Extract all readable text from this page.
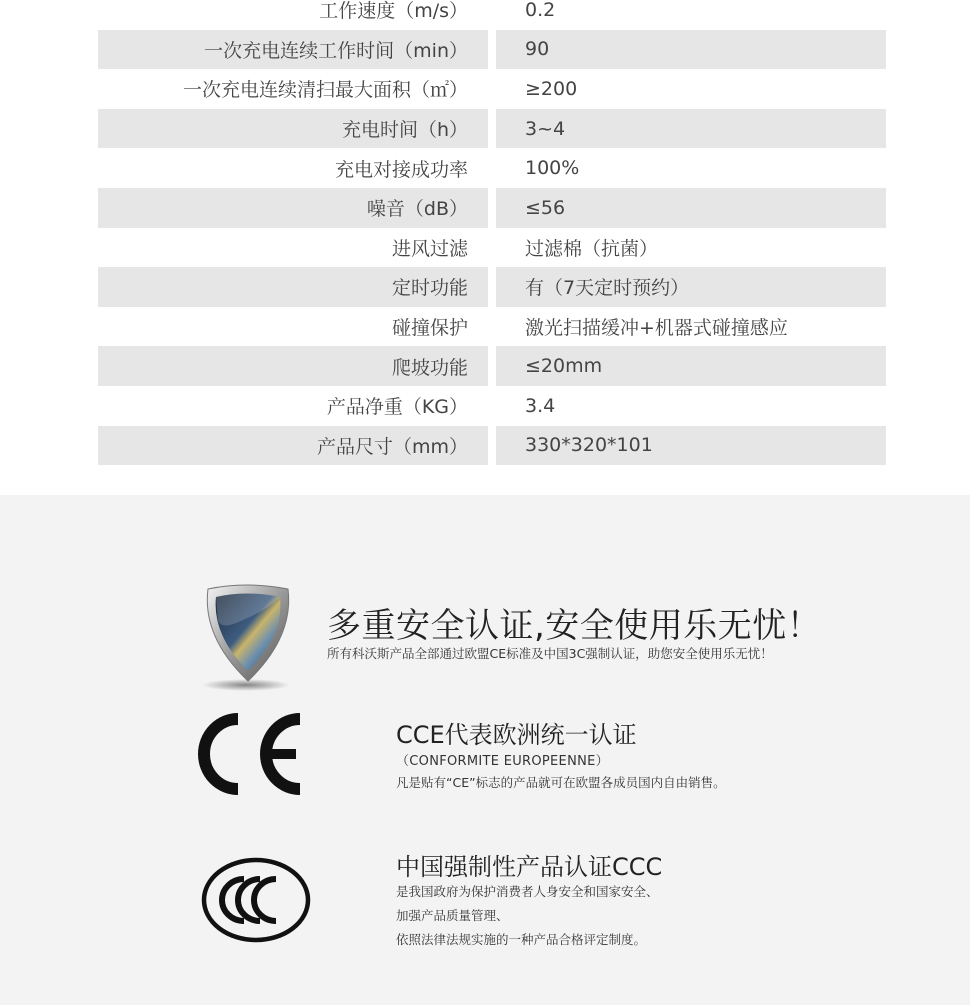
工作速度（m/s）	0.2
一次充电连续工作时间（min）	90
一次充电连续清扫最大面积（㎡）	≥200
充电时间（h）	3~4
充电对接成功率	100%
噪音（dB）	≤56
进风过滤	过滤棉（抗菌）
定时功能	有（7天定时预约）
碰撞保护	激光扫描缓冲+机器式碰撞感应
爬坡功能	≤20mm
产品净重（KG）	3.4
产品尺寸（mm）	330*320*101
多重安全认证,安全使用乐无忧！
所有科沃斯产品全部通过欧盟CE标准及中国3C强制认证，助您安全使用乐无忧！
CCE代表欧洲统一认证
（CONFORMITE EUROPEENNE）
凡是贴有“CE”标志的产品就可在欧盟各成员国内自由销售。
中国强制性产品认证CCC
是我国政府为保护消费者人身安全和国家安全、
加强产品质量管理、
依照法律法规实施的一种产品合格评定制度。
